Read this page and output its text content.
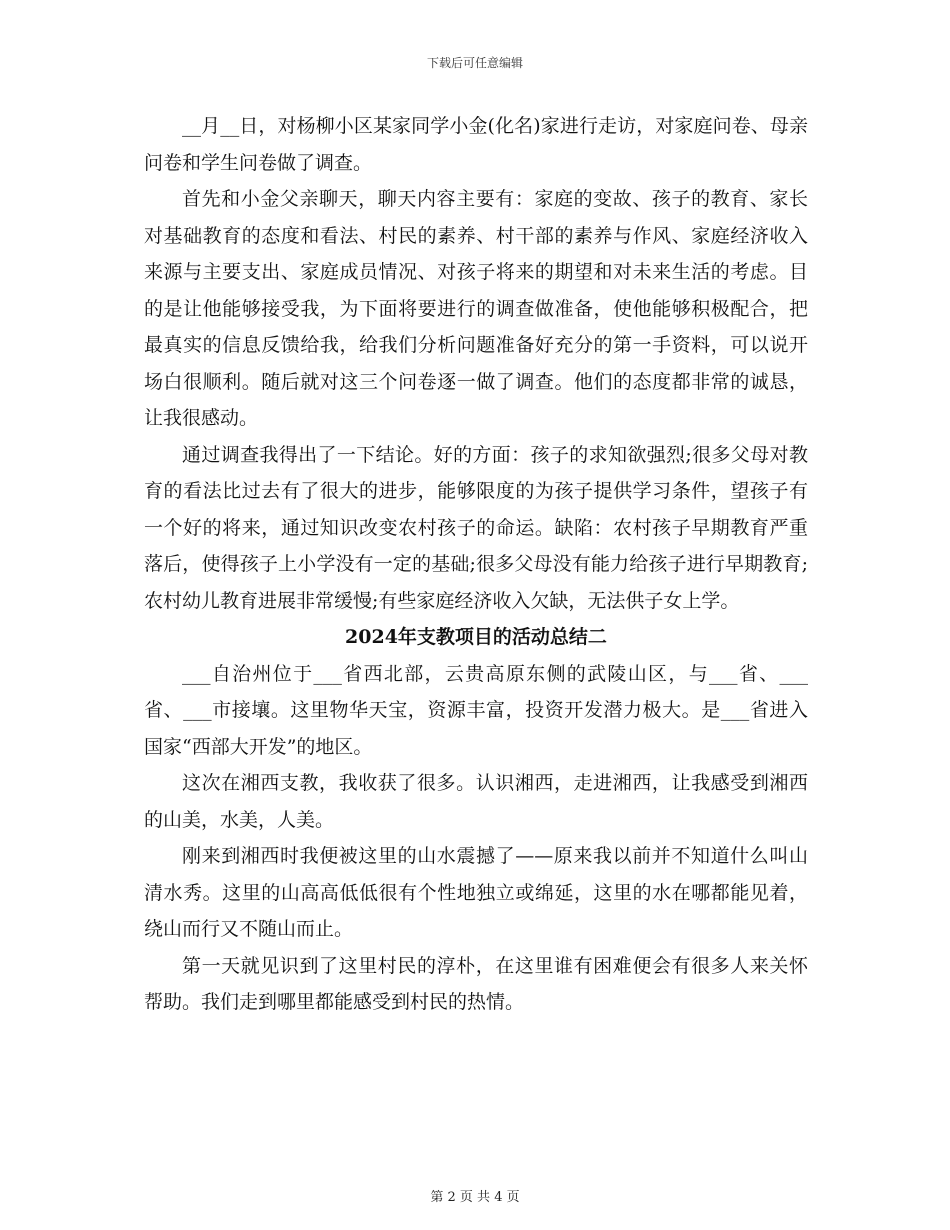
下载后可任意编辑

__月__日，对杨柳小区某家同学小金(化名)家进行走访，对家庭问卷、母亲问卷和学生问卷做了调查。

首先和小金父亲聊天，聊天内容主要有：家庭的变故、孩子的教育、家长对基础教育的态度和看法、村民的素养、村干部的素养与作风、家庭经济收入来源与主要支出、家庭成员情况、对孩子将来的期望和对未来生活的考虑。目的是让他能够接受我，为下面将要进行的调查做准备，使他能够积极配合，把最真实的信息反馈给我，给我们分析问题准备好充分的第一手资料，可以说开场白很顺利。随后就对这三个问卷逐一做了调查。他们的态度都非常的诚恳，让我很感动。

通过调查我得出了一下结论。好的方面：孩子的求知欲强烈;很多父母对教育的看法比过去有了很大的进步，能够限度的为孩子提供学习条件，望孩子有一个好的将来，通过知识改变农村孩子的命运。缺陷：农村孩子早期教育严重落后，使得孩子上小学没有一定的基础;很多父母没有能力给孩子进行早期教育;农村幼儿教育进展非常缓慢;有些家庭经济收入欠缺，无法供子女上学。

2024年支教项目的活动总结二

___自治州位于___省西北部，云贵高原东侧的武陵山区，与___省、___省、___市接壤。这里物华天宝，资源丰富，投资开发潜力极大。是___省进入国家“西部大开发”的地区。

这次在湘西支教，我收获了很多。认识湘西，走进湘西，让我感受到湘西的山美，水美，人美。

刚来到湘西时我便被这里的山水震撼了——原来我以前并不知道什么叫山清水秀。这里的山高高低低很有个性地独立或绵延，这里的水在哪都能见着，绕山而行又不随山而止。

第一天就见识到了这里村民的淳朴，在这里谁有困难便会有很多人来关怀帮助。我们走到哪里都能感受到村民的热情。

第 2 页 共 4 页
